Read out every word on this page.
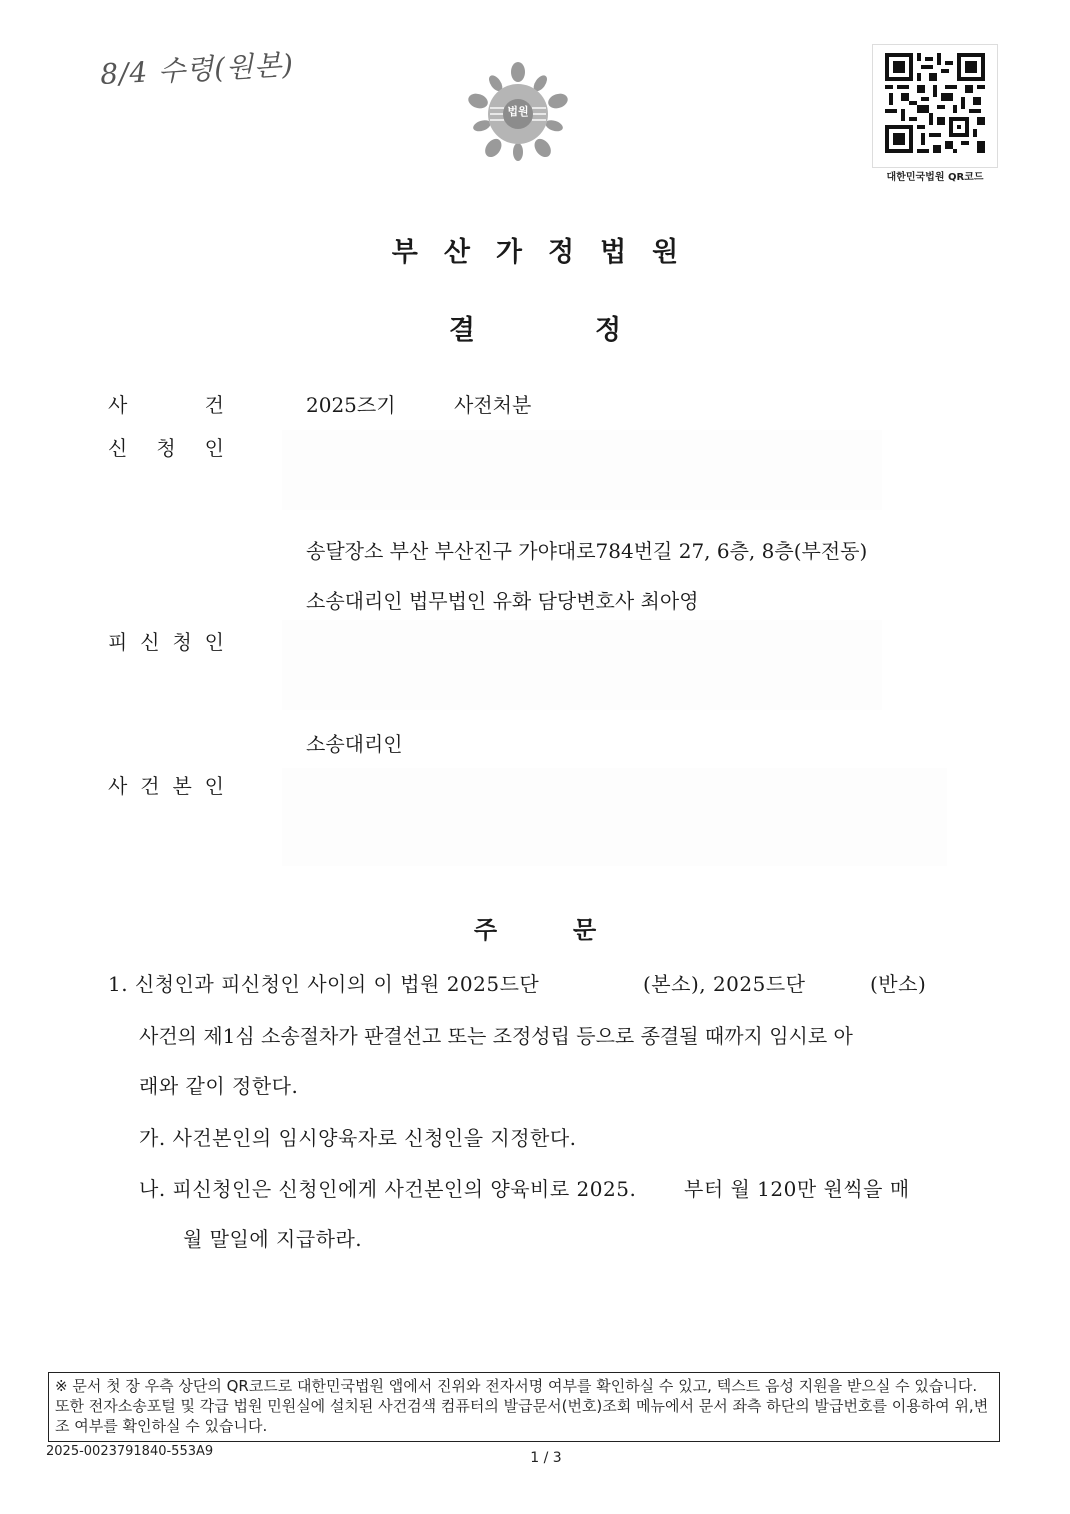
8/4 수령(원본)
법원
대한민국법원 QR코드
부산가정법원
결정
사	건	2025즈기	사전처분
신 청 인
송달장소 부산 부산진구 가야대로784번길 27, 6층, 8층(부전동)
소송대리인 법무법인 유화 담당변호사 최아영
피 신 청 인
소송대리인
사 건 본 인
주문
1. 신청인과 피신청인 사이의 이 법원 2025드단	(본소), 2025드단	(반소)
사건의 제1심 소송절차가 판결선고 또는 조정성립 등으로 종결될 때까지 임시로 아
래와 같이 정한다.
가. 사건본인의 임시양육자로 신청인을 지정한다.
나. 피신청인은 신청인에게 사건본인의 양육비로 2025. 부터 월 120만 원씩을 매
월 말일에 지급하라.
※ 문서 첫 장 우측 상단의 QR코드로 대한민국법원 앱에서 진위와 전자서명 여부를 확인하실 수 있고, 텍스트 음성 지원을 받으실 수 있습니다. 또한 전자소송포털 및 각급 법원 민원실에 설치된 사건검색 컴퓨터의 발급문서(번호)조회 메뉴에서 문서 좌측 하단의 발급번호를 이용하여 위,변조 여부를 확인하실 수 있습니다.
2025-0023791840-553A9	1 / 3
